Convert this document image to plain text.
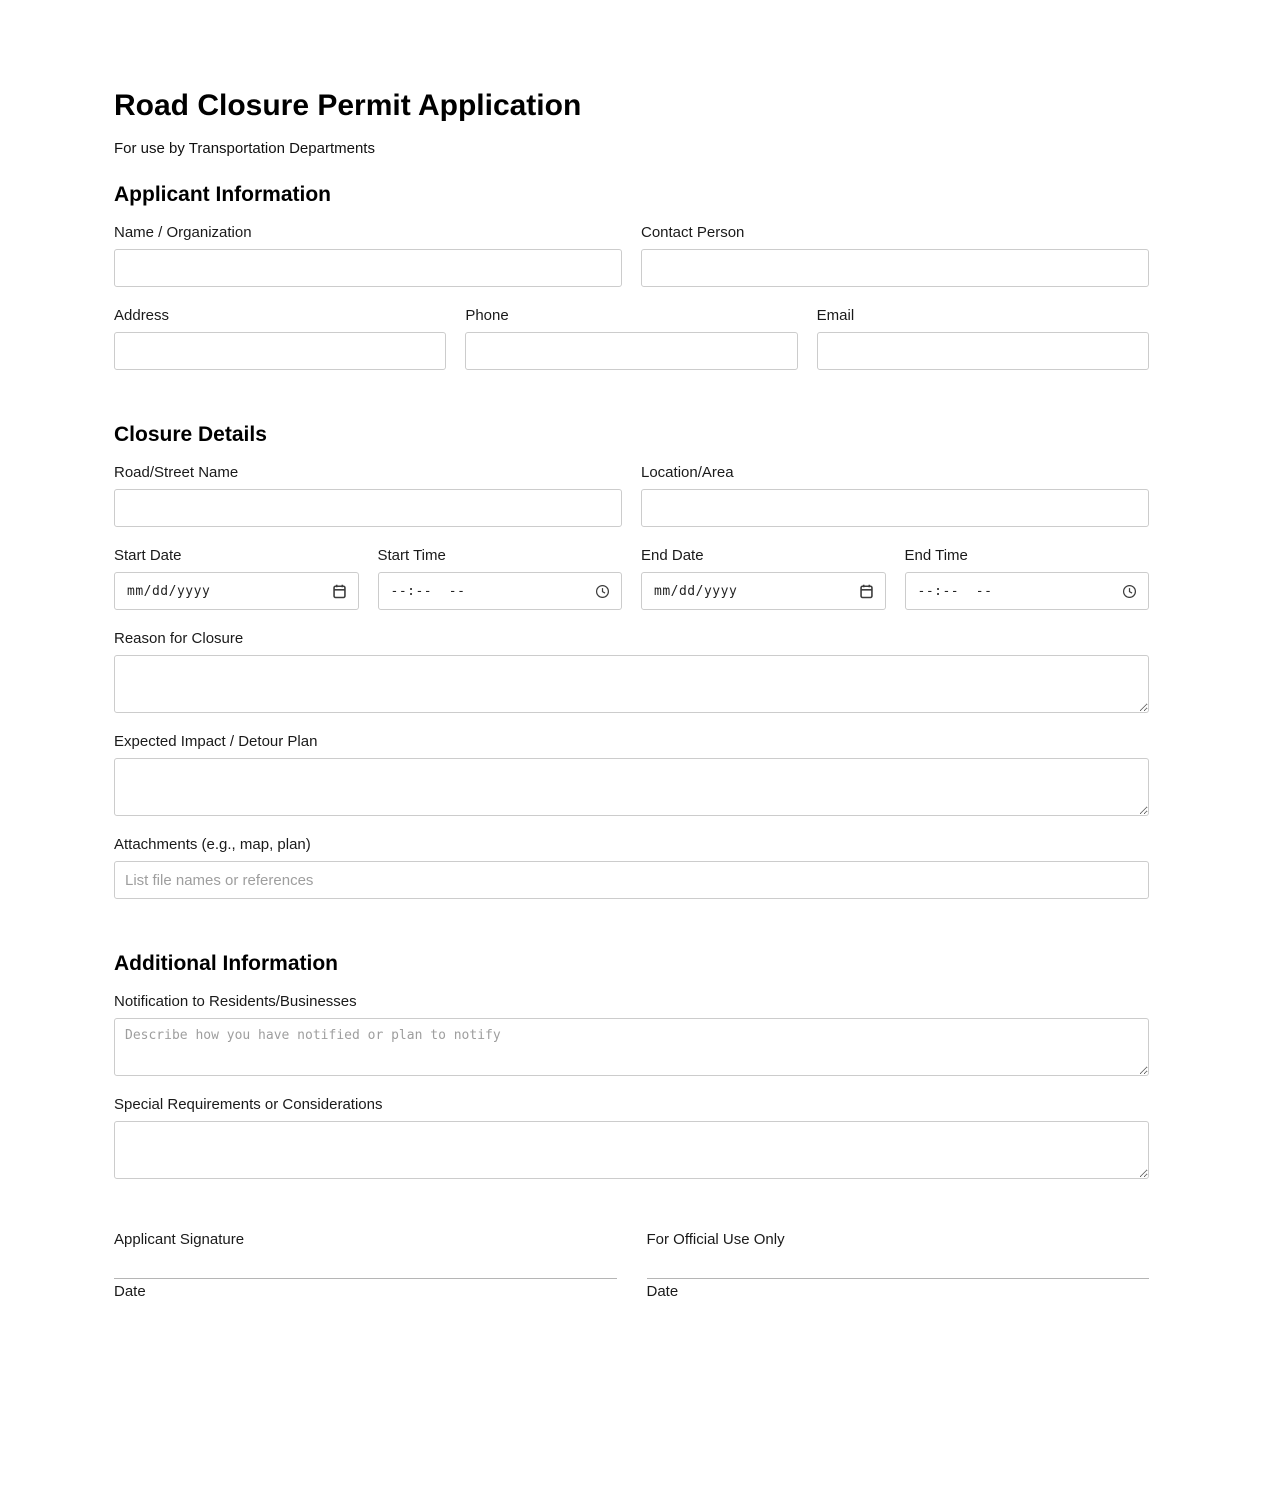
Road Closure Permit Application
For use by Transportation Departments
Applicant Information
Name / Organization	Contact Person
Address	Phone	Email
Closure Details
Road/Street Name	Location/Area
Start Date
mm/dd/yyyy
Start Time
--:--  --
End Date
mm/dd/yyyy
End Time
--:--  --
Reason for Closure
Expected Impact / Detour Plan
Attachments (e.g., map, plan)
List file names or references
Additional Information
Notification to Residents/Businesses
Describe how you have notified or plan to notify
Special Requirements or Considerations
Applicant Signature
Date
For Official Use Only
Date
